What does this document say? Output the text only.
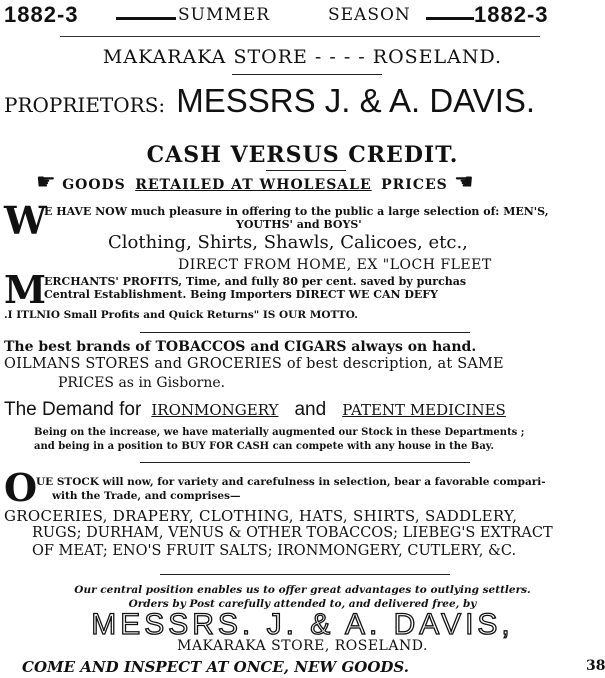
1882-3	SUMMER	SEASON	1882-3
MAKARAKA STORE - - - - ROSELAND.
PROPRIETORS: MESSRS J. & A. DAVIS.
CASH VERSUS CREDIT.
☛ GOODS RETAILED AT WHOLESALE PRICES ☛
W
E HAVE NOW much pleasure in offering to the public a large selection of: MEN'S,
YOUTHS' and BOYS'
Clothing, Shirts, Shawls, Calicoes, etc.,
DIRECT FROM HOME, EX "LOCH FLEET
M
ERCHANTS' PROFITS, Time, and fully 80 per cent. saved by purchas
Central Establishment. Being Importers DIRECT WE CAN DEFY
.I ITLNIO Small Profits and Quick Returns" IS OUR MOTTO.
The best brands of TOBACCOS and CIGARS always on hand.
OILMANS STORES and GROCERIES of best description, at SAME
PRICES as in Gisborne.
The Demand for IRONMONGERY and PATENT MEDICINES
Being on the increase, we have materially augmented our Stock in these Departments ;
and being in a position to BUY FOR CASH can compete with any house in the Bay.
O
UE STOCK will now, for variety and carefulness in selection, bear a favorable compari-
with the Trade, and comprises—
GROCERIES, DRAPERY, CLOTHING, HATS, SHIRTS, SADDLERY,
RUGS; DURHAM, VENUS & OTHER TOBACCOS; LIEBEG'S EXTRACT
OF MEAT; ENO'S FRUIT SALTS; IRONMONGERY, CUTLERY, &C.
Our central position enables us to offer great advantages to outlying settlers.
Orders by Post carefully attended to, and delivered free, by
MESSRS. J. & A. DAVIS,
MAKARAKA STORE, ROSELAND.
COME AND INSPECT AT ONCE, NEW GOODS.	38
